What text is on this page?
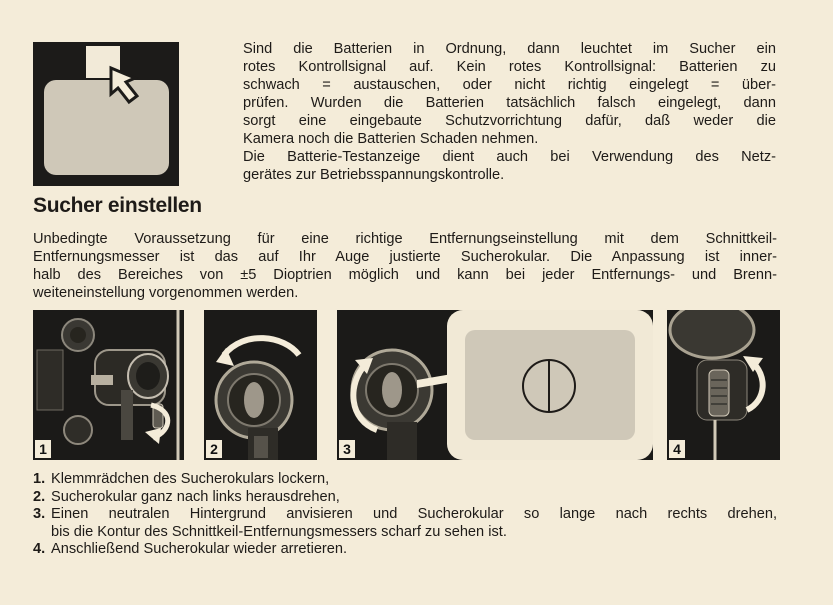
Sind die Batterien in Ordnung, dann leuchtet im Sucher ein
rotes Kontrollsignal auf. Kein rotes Kontrollsignal: Batterien zu
schwach = austauschen, oder nicht richtig eingelegt = über-
prüfen. Wurden die Batterien tatsächlich falsch eingelegt, dann
sorgt eine eingebaute Schutzvorrichtung dafür, daß weder die
Kamera noch die Batterien Schaden nehmen.
Die Batterie-Testanzeige dient auch bei Verwendung des Netz-
gerätes zur Betriebsspannungskontrolle.
Sucher einstellen
Unbedingte Voraussetzung für eine richtige Entfernungseinstellung mit dem Schnittkeil-
Entfernungsmesser ist das auf Ihr Auge justierte Sucherokular. Die Anpassung ist inner-
halb des Bereiches von ±5 Dioptrien möglich und kann bei jeder Entfernungs- und Brenn-
weiteneinstellung vorgenommen werden.
1	2	3	4
1. Klemmrädchen des Sucherokulars lockern,
2. Sucherokular ganz nach links herausdrehen,
3. Einen neutralen Hintergrund anvisieren und Sucherokular so lange nach rechts drehen,
bis die Kontur des Schnittkeil-Entfernungsmessers scharf zu sehen ist.
4. Anschließend Sucherokular wieder arretieren.
